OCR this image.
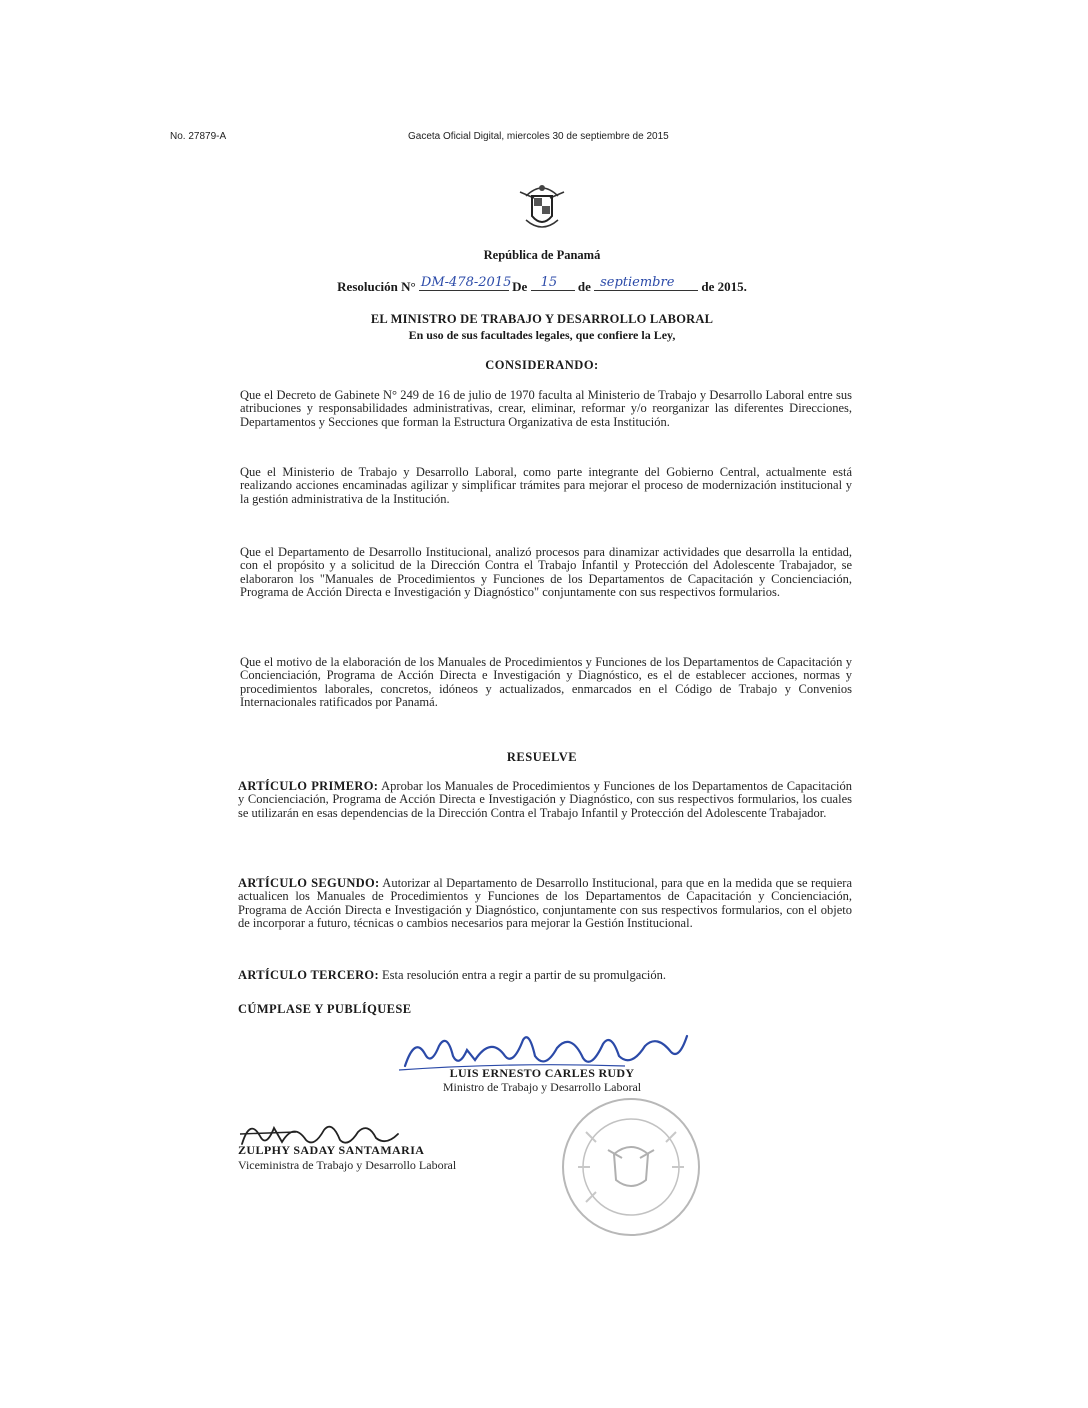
No. 27879-A	Gaceta Oficial Digital, miercoles 30 de septiembre de 2015
República de Panamá
Resolución N° DM-478-2015 De 15 de septiembre de 2015.
EL MINISTRO DE TRABAJO Y DESARROLLO LABORAL
En uso de sus facultades legales, que confiere la Ley,
CONSIDERANDO:
Que el Decreto de Gabinete N° 249 de 16 de julio de 1970 faculta al Ministerio de Trabajo y Desarrollo Laboral entre sus atribuciones y responsabilidades administrativas, crear, eliminar, reformar y/o reorganizar las diferentes Direcciones, Departamentos y Secciones que forman la Estructura Organizativa de esta Institución.
Que el Ministerio de Trabajo y Desarrollo Laboral, como parte integrante del Gobierno Central, actualmente está realizando acciones encaminadas agilizar y simplificar trámites para mejorar el proceso de modernización institucional y la gestión administrativa de la Institución.
Que el Departamento de Desarrollo Institucional, analizó procesos para dinamizar actividades que desarrolla la entidad, con el propósito y a solicitud de la Dirección Contra el Trabajo Infantil y Protección del Adolescente Trabajador, se elaboraron los "Manuales de Procedimientos y Funciones de los Departamentos de Capacitación y Concienciación, Programa de Acción Directa e Investigación y Diagnóstico" conjuntamente con sus respectivos formularios.
Que el motivo de la elaboración de los Manuales de Procedimientos y Funciones de los Departamentos de Capacitación y Concienciación, Programa de Acción Directa e Investigación y Diagnóstico, es el de establecer acciones, normas y procedimientos laborales, concretos, idóneos y actualizados, enmarcados en el Código de Trabajo y Convenios Internacionales ratificados por Panamá.
RESUELVE
ARTÍCULO PRIMERO: Aprobar los Manuales de Procedimientos y Funciones de los Departamentos de Capacitación y Concienciación, Programa de Acción Directa e Investigación y Diagnóstico, con sus respectivos formularios, los cuales se utilizarán en esas dependencias de la Dirección Contra el Trabajo Infantil y Protección del Adolescente Trabajador.
ARTÍCULO SEGUNDO: Autorizar al Departamento de Desarrollo Institucional, para que en la medida que se requiera actualicen los Manuales de Procedimientos y Funciones de los Departamentos de Capacitación y Concienciación, Programa de Acción Directa e Investigación y Diagnóstico, conjuntamente con sus respectivos formularios, con el objeto de incorporar a futuro, técnicas o cambios necesarios para mejorar la Gestión Institucional.
ARTÍCULO TERCERO: Esta resolución entra a regir a partir de su promulgación.
CÚMPLASE Y PUBLÍQUESE
LUIS ERNESTO CARLES RUDY
Ministro de Trabajo y Desarrollo Laboral
ZULPHY SADAY SANTAMARIA
Viceministra de Trabajo y Desarrollo Laboral
